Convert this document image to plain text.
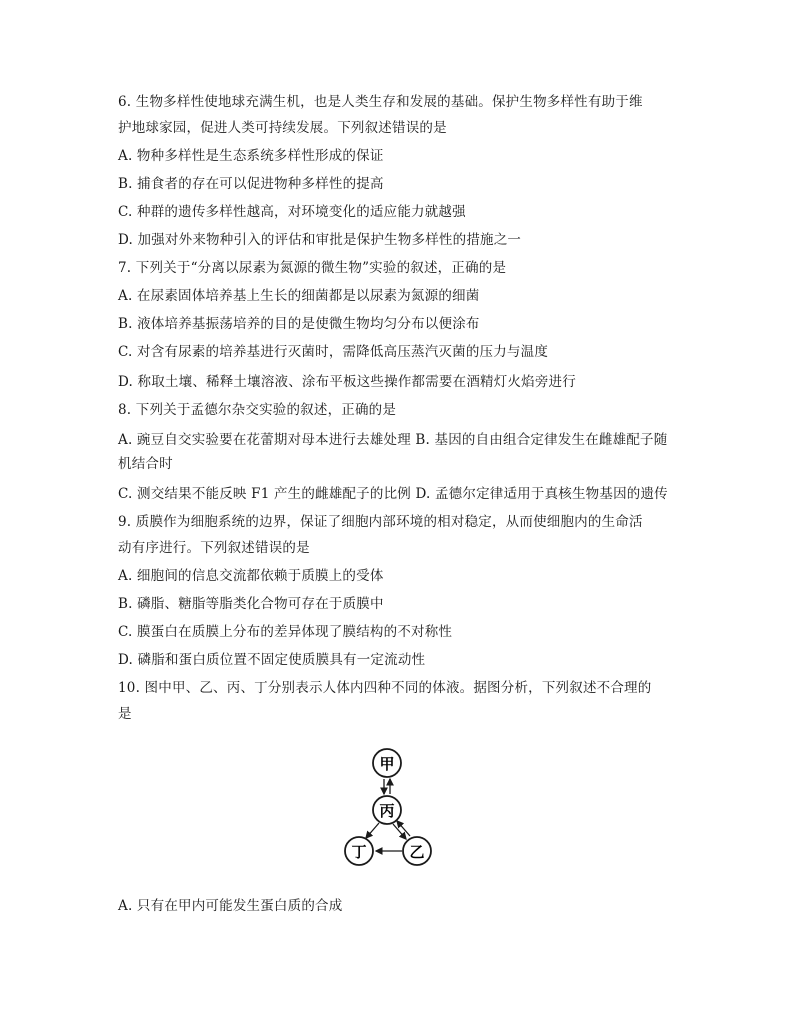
6. 生物多样性使地球充满生机，也是人类生存和发展的基础。保护生物多样性有助于维
护地球家园，促进人类可持续发展。下列叙述错误的是
A. 物种多样性是生态系统多样性形成的保证
B. 捕食者的存在可以促进物种多样性的提高
C. 种群的遗传多样性越高，对环境变化的适应能力就越强
D. 加强对外来物种引入的评估和审批是保护生物多样性的措施之一
7. 下列关于“分离以尿素为氮源的微生物”实验的叙述，正确的是
A. 在尿素固体培养基上生长的细菌都是以尿素为氮源的细菌
B. 液体培养基振荡培养的目的是使微生物均匀分布以便涂布
C. 对含有尿素的培养基进行灭菌时，需降低高压蒸汽灭菌的压力与温度
D. 称取土壤、稀释土壤溶液、涂布平板这些操作都需要在酒精灯火焰旁进行
8. 下列关于孟德尔杂交实验的叙述，正确的是
A. 豌豆自交实验要在花蕾期对母本进行去雄处理 B. 基因的自由组合定律发生在雌雄配子随
机结合时
C. 测交结果不能反映 F1 产生的雌雄配子的比例 D. 孟德尔定律适用于真核生物基因的遗传
9. 质膜作为细胞系统的边界，保证了细胞内部环境的相对稳定，从而使细胞内的生命活
动有序进行。下列叙述错误的是
A. 细胞间的信息交流都依赖于质膜上的受体
B. 磷脂、糖脂等脂类化合物可存在于质膜中
C. 膜蛋白在质膜上分布的差异体现了膜结构的不对称性
D. 磷脂和蛋白质位置不固定使质膜具有一定流动性
10. 图中甲、乙、丙、丁分别表示人体内四种不同的体液。据图分析，下列叙述不合理的
是
甲
丙
丁	乙
A. 只有在甲内可能发生蛋白质的合成
